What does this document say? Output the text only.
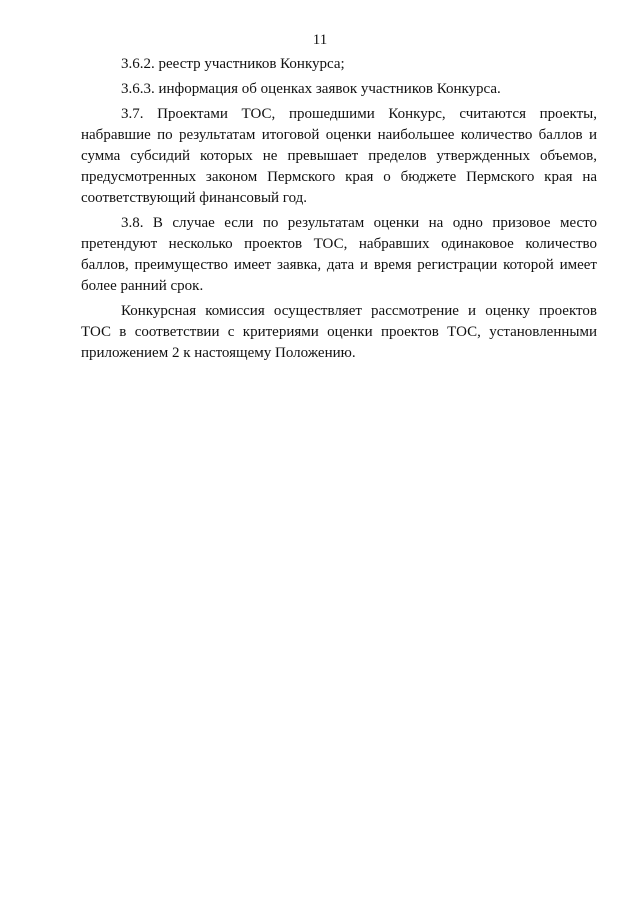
11

3.6.2. реестр участников Конкурса;

3.6.3. информация об оценках заявок участников Конкурса.

3.7. Проектами ТОС, прошедшими Конкурс, считаются проекты, набравшие по результатам итоговой оценки наибольшее количество баллов и сумма субсидий которых не превышает пределов утвержденных объемов, предусмотренных законом Пермского края о бюджете Пермского края на соответствующий финансовый год.

3.8. В случае если по результатам оценки на одно призовое место претендуют несколько проектов ТОС, набравших одинаковое количество баллов, преимущество имеет заявка, дата и время регистрации которой имеет более ранний срок.

Конкурсная комиссия осуществляет рассмотрение и оценку проектов ТОС в соответствии с критериями оценки проектов ТОС, установленными приложением 2 к настоящему Положению.
